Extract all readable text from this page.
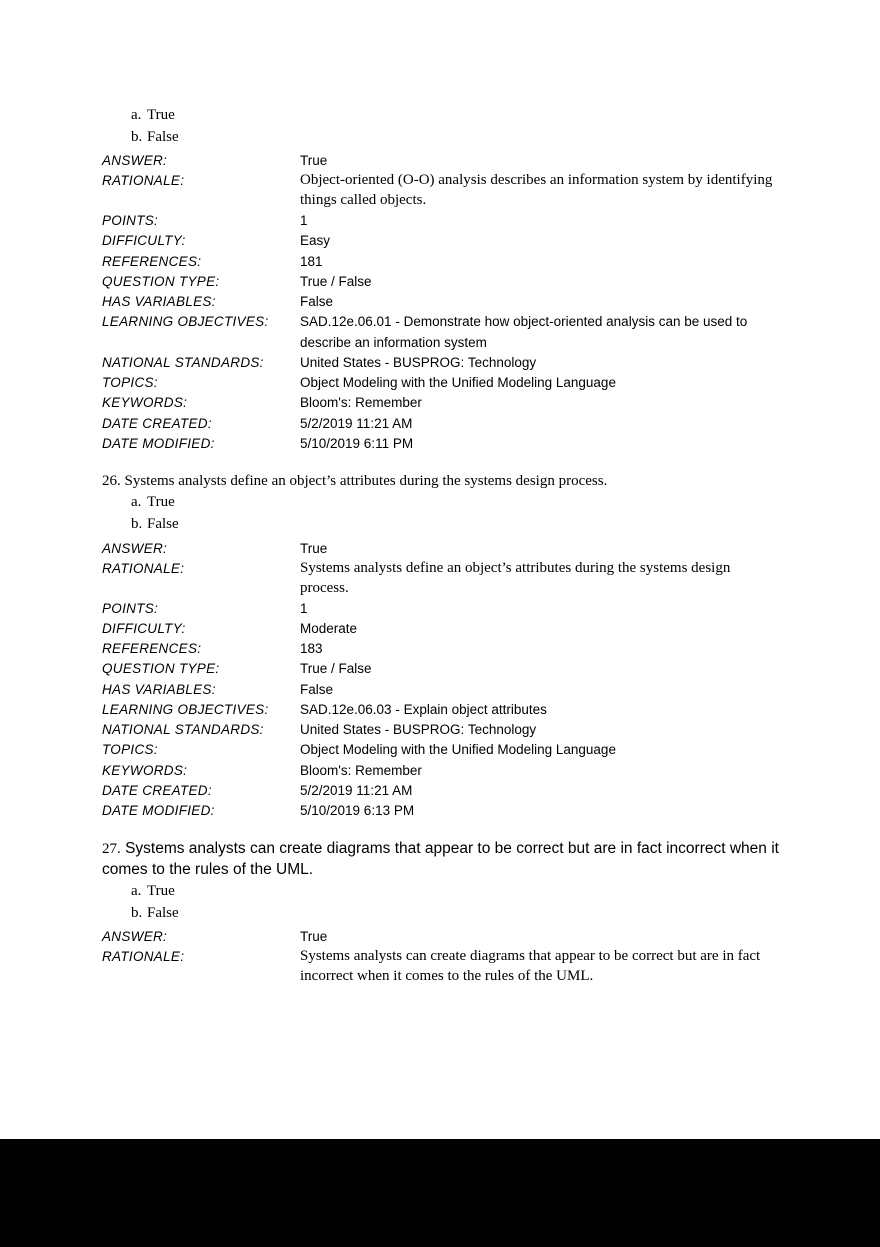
a. True
b. False
ANSWER:	True
RATIONALE:	Object-oriented (O-O) analysis describes an information system by identifying things called objects.
POINTS:	1
DIFFICULTY:	Easy
REFERENCES:	181
QUESTION TYPE:	True / False
HAS VARIABLES:	False
LEARNING OBJECTIVES:	SAD.12e.06.01 - Demonstrate how object-oriented analysis can be used to describe an information system
NATIONAL STANDARDS:	United States - BUSPROG: Technology
TOPICS:	Object Modeling with the Unified Modeling Language
KEYWORDS:	Bloom's: Remember
DATE CREATED:	5/2/2019 11:21 AM
DATE MODIFIED:	5/10/2019 6:11 PM
26. Systems analysts define an object’s attributes during the systems design process.
a. True
b. False
ANSWER:	True
RATIONALE:	Systems analysts define an object’s attributes during the systems design process.
POINTS:	1
DIFFICULTY:	Moderate
REFERENCES:	183
QUESTION TYPE:	True / False
HAS VARIABLES:	False
LEARNING OBJECTIVES:	SAD.12e.06.03 - Explain object attributes
NATIONAL STANDARDS:	United States - BUSPROG: Technology
TOPICS:	Object Modeling with the Unified Modeling Language
KEYWORDS:	Bloom's: Remember
DATE CREATED:	5/2/2019 11:21 AM
DATE MODIFIED:	5/10/2019 6:13 PM
27. Systems analysts can create diagrams that appear to be correct but are in fact incorrect when it comes to the rules of the UML.
a. True
b. False
ANSWER:	True
RATIONALE:	Systems analysts can create diagrams that appear to be correct but are in fact incorrect when it comes to the rules of the UML.
